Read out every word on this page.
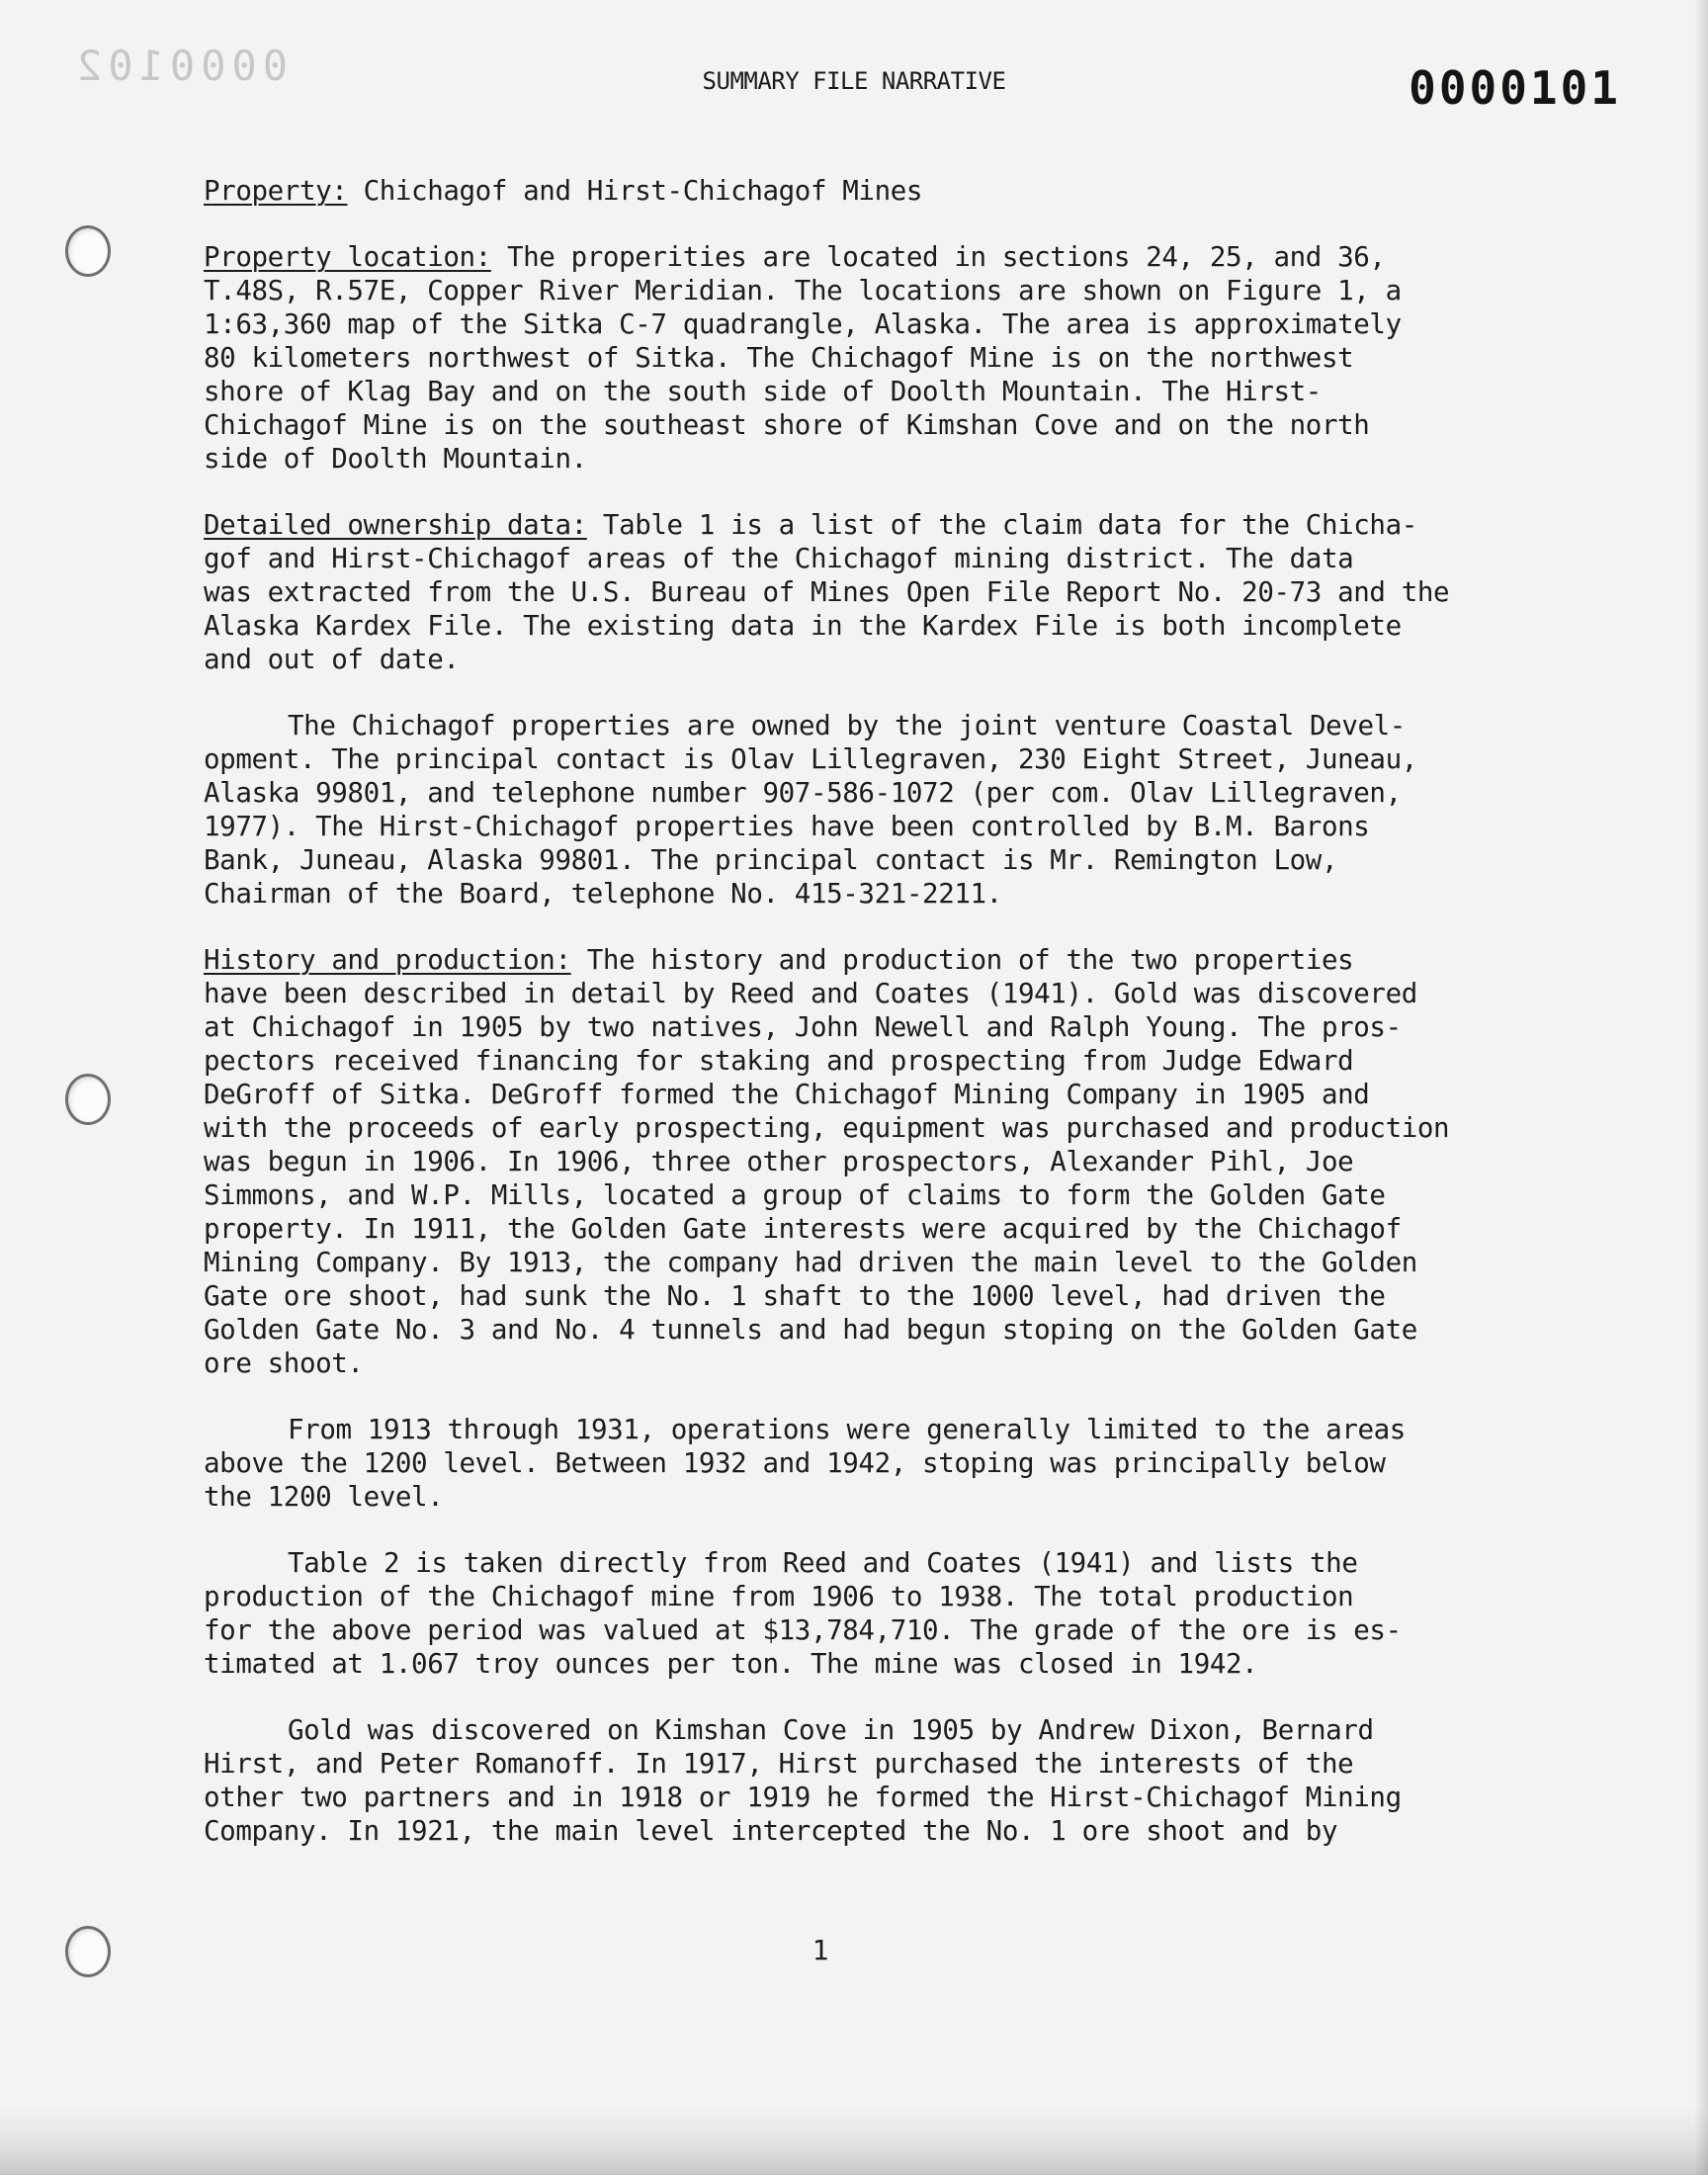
0000102	0000101
SUMMARY FILE NARRATIVE

Property: Chichagof and Hirst-Chichagof Mines

Property location: The properities are located in sections 24, 25, and 36,
T.48S, R.57E, Copper River Meridian. The locations are shown on Figure 1, a
1:63,360 map of the Sitka C-7 quadrangle, Alaska. The area is approximately
80 kilometers northwest of Sitka. The Chichagof Mine is on the northwest
shore of Klag Bay and on the south side of Doolth Mountain. The Hirst-
Chichagof Mine is on the southeast shore of Kimshan Cove and on the north
side of Doolth Mountain.

Detailed ownership data: Table 1 is a list of the claim data for the Chicha-
gof and Hirst-Chichagof areas of the Chichagof mining district. The data
was extracted from the U.S. Bureau of Mines Open File Report No. 20-73 and the
Alaska Kardex File. The existing data in the Kardex File is both incomplete
and out of date.

The Chichagof properties are owned by the joint venture Coastal Devel-
opment. The principal contact is Olav Lillegraven, 230 Eight Street, Juneau,
Alaska 99801, and telephone number 907-586-1072 (per com. Olav Lillegraven,
1977). The Hirst-Chichagof properties have been controlled by B.M. Barons
Bank, Juneau, Alaska 99801. The principal contact is Mr. Remington Low,
Chairman of the Board, telephone No. 415-321-2211.

History and production: The history and production of the two properties
have been described in detail by Reed and Coates (1941). Gold was discovered
at Chichagof in 1905 by two natives, John Newell and Ralph Young. The pros-
pectors received financing for staking and prospecting from Judge Edward
DeGroff of Sitka. DeGroff formed the Chichagof Mining Company in 1905 and
with the proceeds of early prospecting, equipment was purchased and production
was begun in 1906. In 1906, three other prospectors, Alexander Pihl, Joe
Simmons, and W.P. Mills, located a group of claims to form the Golden Gate
property. In 1911, the Golden Gate interests were acquired by the Chichagof
Mining Company. By 1913, the company had driven the main level to the Golden
Gate ore shoot, had sunk the No. 1 shaft to the 1000 level, had driven the
Golden Gate No. 3 and No. 4 tunnels and had begun stoping on the Golden Gate
ore shoot.

From 1913 through 1931, operations were generally limited to the areas
above the 1200 level. Between 1932 and 1942, stoping was principally below
the 1200 level.

Table 2 is taken directly from Reed and Coates (1941) and lists the
production of the Chichagof mine from 1906 to 1938. The total production
for the above period was valued at $13,784,710. The grade of the ore is es-
timated at 1.067 troy ounces per ton. The mine was closed in 1942.

Gold was discovered on Kimshan Cove in 1905 by Andrew Dixon, Bernard
Hirst, and Peter Romanoff. In 1917, Hirst purchased the interests of the
other two partners and in 1918 or 1919 he formed the Hirst-Chichagof Mining
Company. In 1921, the main level intercepted the No. 1 ore shoot and by

1
